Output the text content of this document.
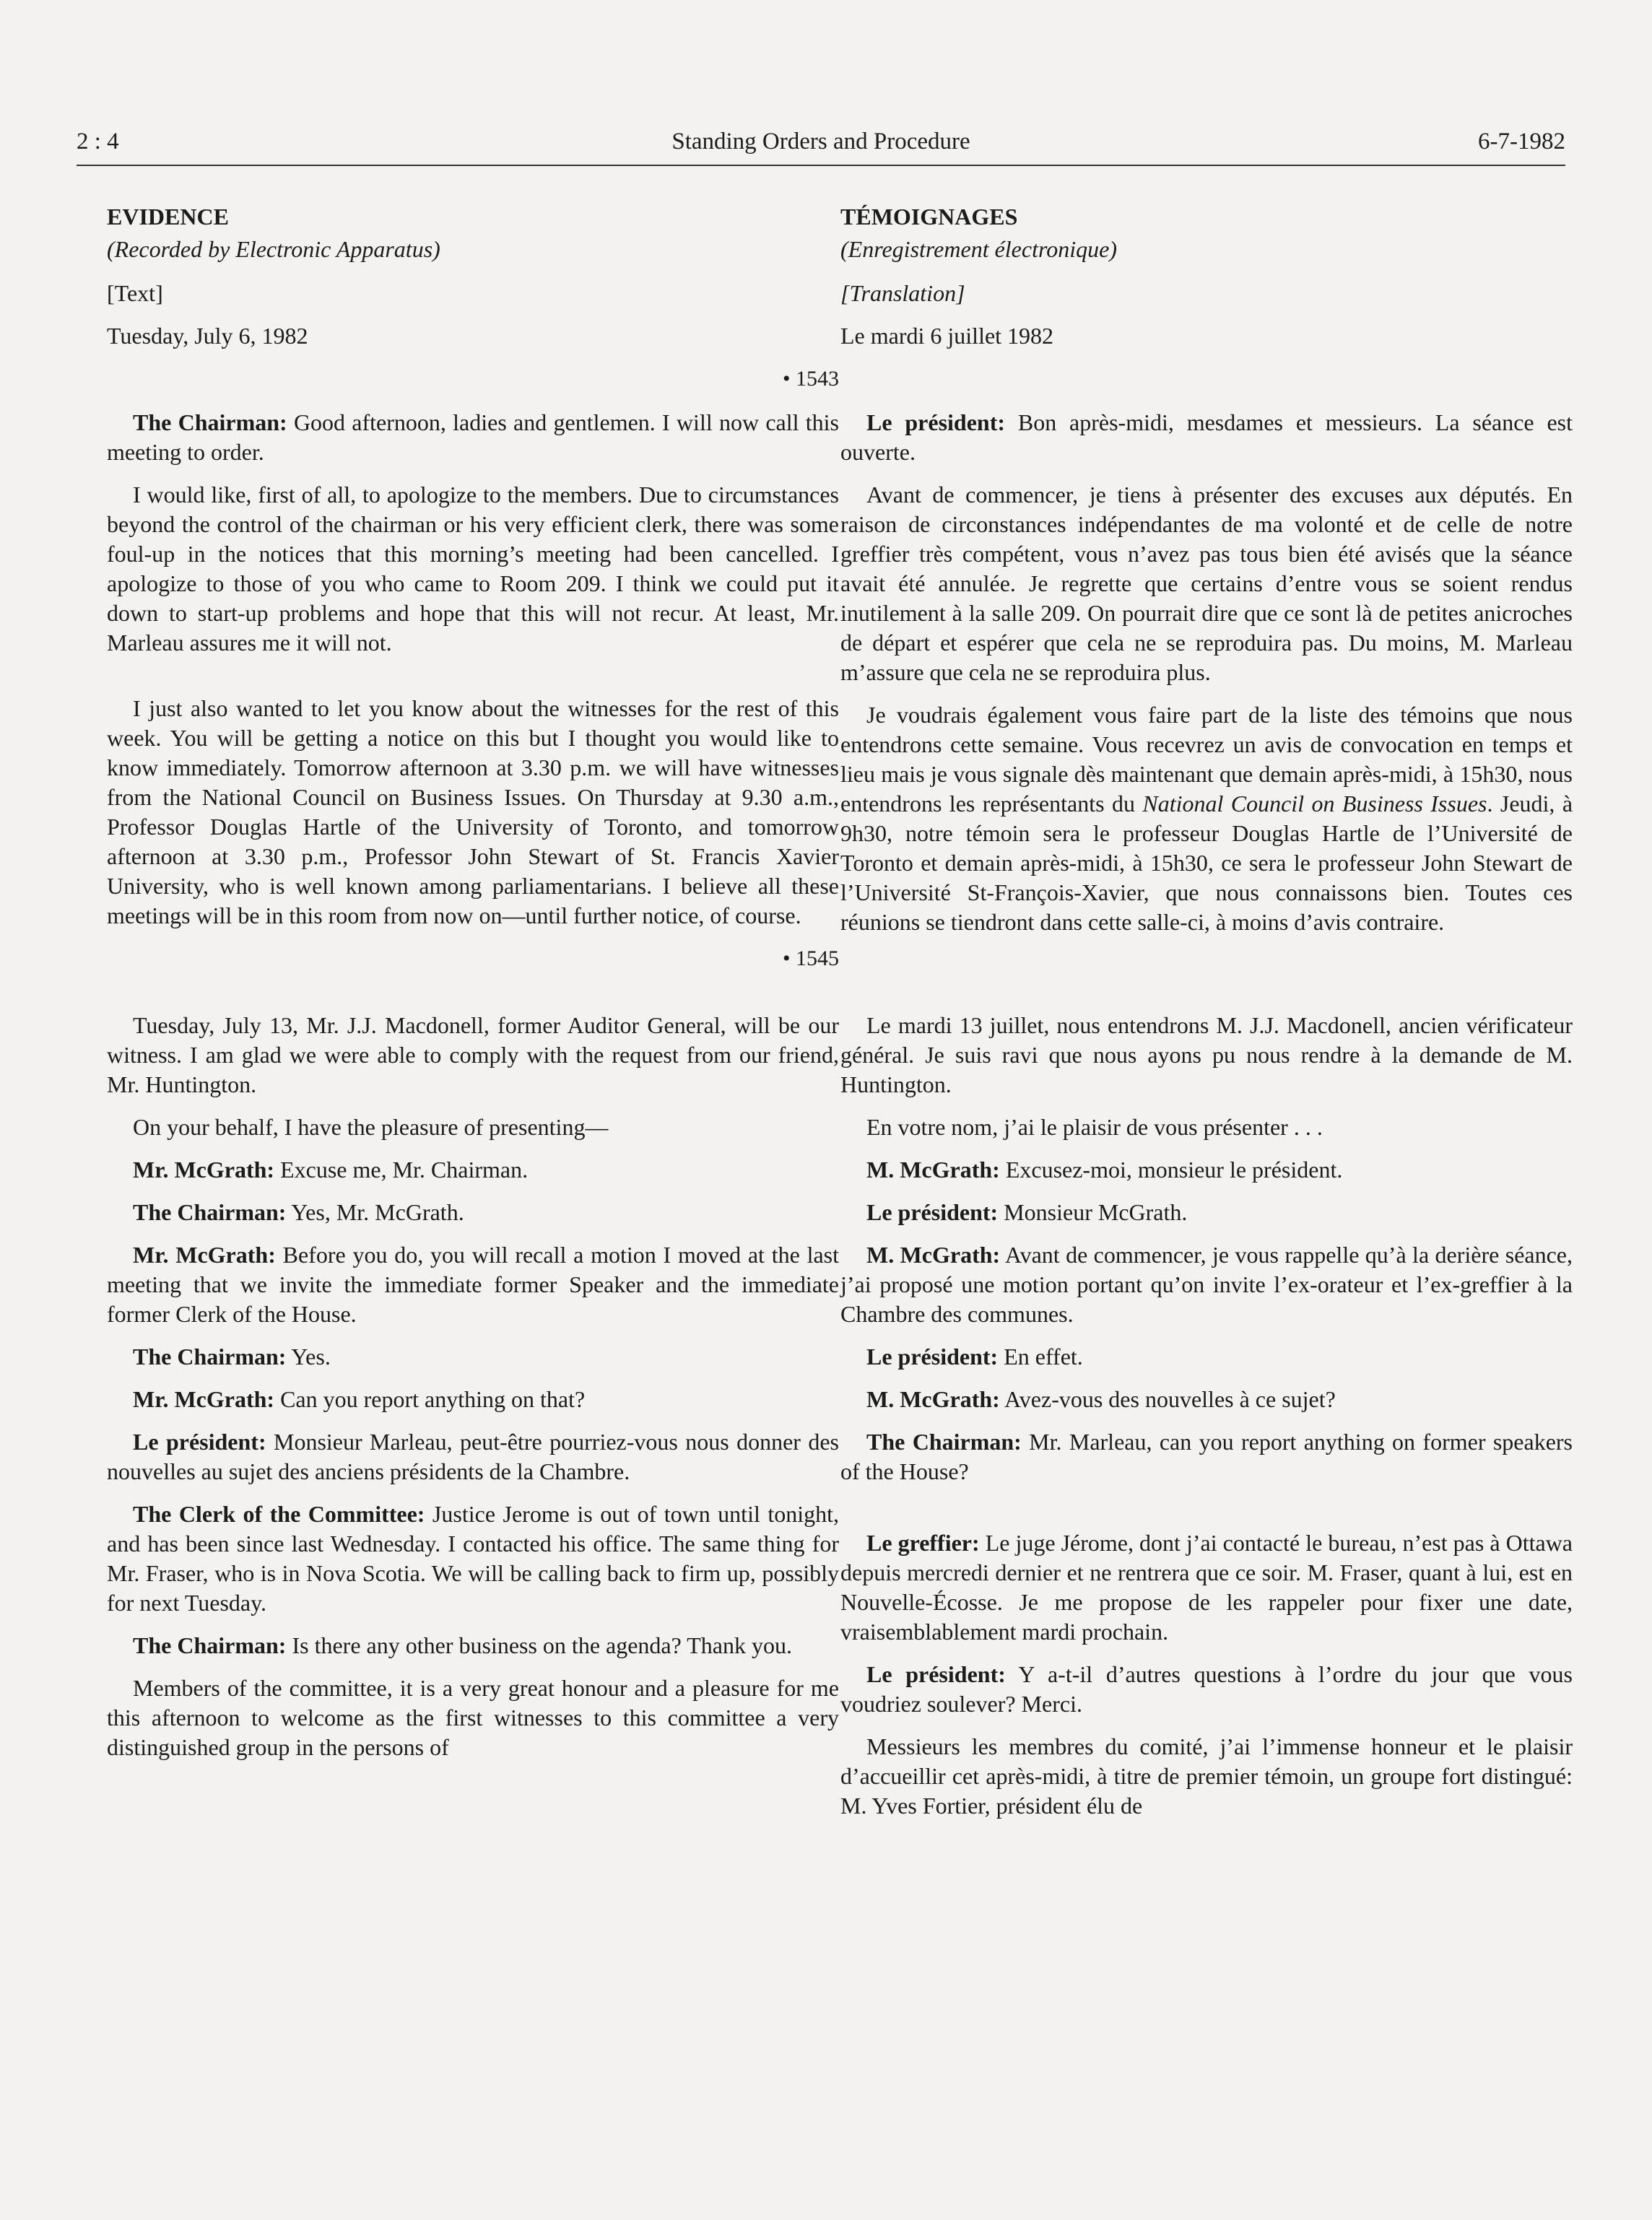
Standing Orders and Procedure
2 : 4	6-7-1982
EVIDENCE
(Recorded by Electronic Apparatus)
[Text]
Tuesday, July 6, 1982
• 1543

The Chairman: Good afternoon, ladies and gentlemen. I will now call this meeting to order.

I would like, first of all, to apologize to the members. Due to circumstances beyond the control of the chairman or his very efficient clerk, there was some foul-up in the notices that this morning’s meeting had been cancelled. I apologize to those of you who came to Room 209. I think we could put it down to start-up problems and hope that this will not recur. At least, Mr. Marleau assures me it will not.

I just also wanted to let you know about the witnesses for the rest of this week. You will be getting a notice on this but I thought you would like to know immediately. Tomorrow afternoon at 3.30 p.m. we will have witnesses from the National Council on Business Issues. On Thursday at 9.30 a.m., Professor Douglas Hartle of the University of Toronto, and tomorrow afternoon at 3.30 p.m., Professor John Stewart of St. Francis Xavier University, who is well known among parliamentarians. I believe all these meetings will be in this room from now on—until further notice, of course.

• 1545

Tuesday, July 13, Mr. J.J. Macdonell, former Auditor General, will be our witness. I am glad we were able to comply with the request from our friend, Mr. Huntington.

On your behalf, I have the pleasure of presenting—

Mr. McGrath: Excuse me, Mr. Chairman.

The Chairman: Yes, Mr. McGrath.

Mr. McGrath: Before you do, you will recall a motion I moved at the last meeting that we invite the immediate former Speaker and the immediate former Clerk of the House.

The Chairman: Yes.

Mr. McGrath: Can you report anything on that?

Le président: Monsieur Marleau, peut-être pourriez-vous nous donner des nouvelles au sujet des anciens présidents de la Chambre.

The Clerk of the Committee: Justice Jerome is out of town until tonight, and has been since last Wednesday. I contacted his office. The same thing for Mr. Fraser, who is in Nova Scotia. We will be calling back to firm up, possibly for next Tuesday.

The Chairman: Is there any other business on the agenda? Thank you.

Members of the committee, it is a very great honour and a pleasure for me this afternoon to welcome as the first witnesses to this committee a very distinguished group in the persons of

TÉMOIGNAGES
(Enregistrement électronique)
[Translation]
Le mardi 6 juillet 1982

Le président: Bon après-midi, mesdames et messieurs. La séance est ouverte.

Avant de commencer, je tiens à présenter des excuses aux députés. En raison de circonstances indépendantes de ma volonté et de celle de notre greffier très compétent, vous n’avez pas tous bien été avisés que la séance avait été annulée. Je regrette que certains d’entre vous se soient rendus inutilement à la salle 209. On pourrait dire que ce sont là de petites anicroches de départ et espérer que cela ne se reproduira pas. Du moins, M. Marleau m’assure que cela ne se reproduira plus.

Je voudrais également vous faire part de la liste des témoins que nous entendrons cette semaine. Vous recevrez un avis de convocation en temps et lieu mais je vous signale dès maintenant que demain après-midi, à 15h30, nous entendrons les représentants du National Council on Business Issues. Jeudi, à 9h30, notre témoin sera le professeur Douglas Hartle de l’Université de Toronto et demain après-midi, à 15h30, ce sera le professeur John Stewart de l’Université St-François-Xavier, que nous connaissons bien. Toutes ces réunions se tiendront dans cette salle-ci, à moins d’avis contraire.

Le mardi 13 juillet, nous entendrons M. J.J. Macdonell, ancien vérificateur général. Je suis ravi que nous ayons pu nous rendre à la demande de M. Huntington.

En votre nom, j’ai le plaisir de vous présenter . . .

M. McGrath: Excusez-moi, monsieur le président.

Le président: Monsieur McGrath.

M. McGrath: Avant de commencer, je vous rappelle qu’à la derière séance, j’ai proposé une motion portant qu’on invite l’ex-orateur et l’ex-greffier à la Chambre des communes.

Le président: En effet.

M. McGrath: Avez-vous des nouvelles à ce sujet?

The Chairman: Mr. Marleau, can you report anything on former speakers of the House?

Le greffier: Le juge Jérome, dont j’ai contacté le bureau, n’est pas à Ottawa depuis mercredi dernier et ne rentrera que ce soir. M. Fraser, quant à lui, est en Nouvelle-Écosse. Je me propose de les rappeler pour fixer une date, vraisemblablement mardi prochain.

Le président: Y a-t-il d’autres questions à l’ordre du jour que vous voudriez soulever? Merci.

Messieurs les membres du comité, j’ai l’immense honneur et le plaisir d’accueillir cet après-midi, à titre de premier témoin, un groupe fort distingué: M. Yves Fortier, président élu de
